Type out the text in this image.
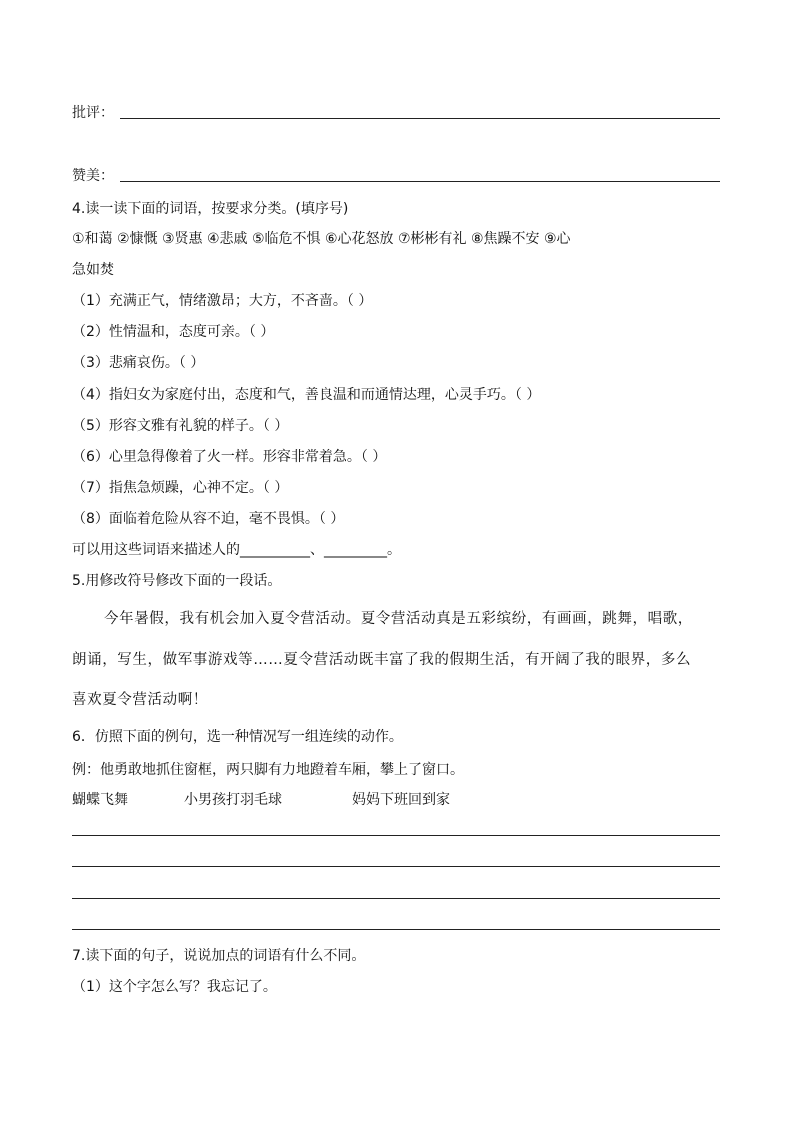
批评：
赞美：
4.读一读下面的词语，按要求分类。(填序号)
①和蔼 ②慷慨 ③贤惠 ④悲戚 ⑤临危不惧 ⑥心花怒放 ⑦彬彬有礼 ⑧焦躁不安 ⑨心
急如焚
（1）充满正气，情绪激昂；大方，不吝啬。（ ）
（2）性情温和，态度可亲。（ ）
（3）悲痛哀伤。（ ）
（4）指妇女为家庭付出，态度和气，善良温和而通情达理，心灵手巧。（ ）
（5）形容文雅有礼貌的样子。（ ）
（6）心里急得像着了火一样。形容非常着急。（ ）
（7）指焦急烦躁，心神不定。（ ）
（8）面临着危险从容不迫，毫不畏惧。（ ）
可以用这些词语来描述人的__________、_________。
5.用修改符号修改下面的一段话。
今年暑假，我有机会加入夏令营活动。夏令营活动真是五彩缤纷，有画画，跳舞，唱歌，
朗诵，写生，做军事游戏等……夏令营活动既丰富了我的假期生活，有开阔了我的眼界，多么
喜欢夏令营活动啊！
6．仿照下面的例句，选一种情况写一组连续的动作。
例：他勇敢地抓住窗框，两只脚有力地蹬着车厢，攀上了窗口。
蝴蝶飞舞	小男孩打羽毛球	妈妈下班回到家
7.读下面的句子，说说加点的词语有什么不同。
（1）这个字怎么写？我忘记了。
